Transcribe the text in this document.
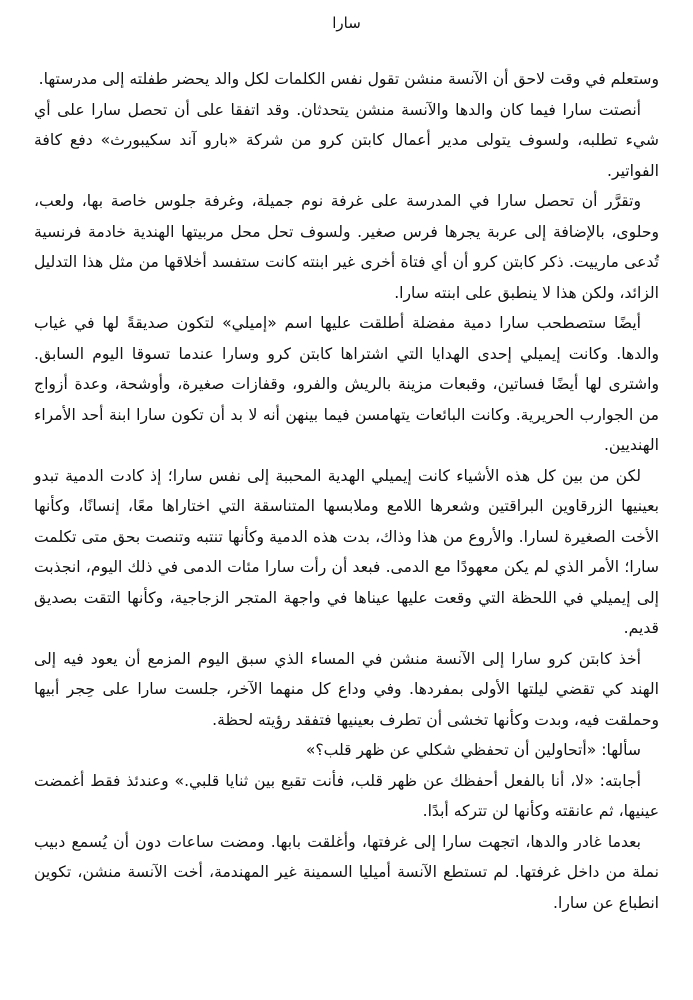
سارا

وستعلم في وقت لاحق أن الآنسة منشن تقول نفس الكلمات لكل والد يحضر طفلته إلى مدرستها.

أنصتت سارا فيما كان والدها والآنسة منشن يتحدثان. وقد اتفقا على أن تحصل سارا على أي شيء تطلبه، ولسوف يتولى مدير أعمال كابتن كرو من شركة «بارو آند سكيبورث» دفع كافة الفواتير.

وتقرَّر أن تحصل سارا في المدرسة على غرفة نوم جميلة، وغرفة جلوس خاصة بها، ولعب، وحلوى، بالإضافة إلى عربة يجرها فرس صغير. ولسوف تحل محل مربيتها الهندية خادمة فرنسية تُدعى مارييت. ذكر كابتن كرو أن أي فتاة أخرى غير ابنته كانت ستفسد أخلاقها من مثل هذا التدليل الزائد، ولكن هذا لا ينطبق على ابنته سارا.

أيضًا ستصطحب سارا دمية مفضلة أطلقت عليها اسم «إميلي» لتكون صديقةً لها في غياب والدها. وكانت إيميلي إحدى الهدايا التي اشتراها كابتن كرو وسارا عندما تسوقا اليوم السابق. واشترى لها أيضًا فساتين، وقبعات مزينة بالريش والفرو، وقفازات صغيرة، وأوشحة، وعدة أزواج من الجوارب الحريرية. وكانت البائعات يتهامسن فيما بينهن أنه لا بد أن تكون سارا ابنة أحد الأمراء الهنديين.

لكن من بين كل هذه الأشياء كانت إيميلي الهدية المحببة إلى نفس سارا؛ إذ كادت الدمية تبدو بعينيها الزرقاوين البراقتين وشعرها اللامع وملابسها المتناسقة التي اختاراها معًا، إنسانًا، وكأنها الأخت الصغيرة لسارا. والأروع من هذا وذاك، بدت هذه الدمية وكأنها تنتبه وتنصت بحق متى تكلمت سارا؛ الأمر الذي لم يكن معهودًا مع الدمى. فبعد أن رأت سارا مئات الدمى في ذلك اليوم، انجذبت إلى إيميلي في اللحظة التي وقعت عليها عيناها في واجهة المتجر الزجاجية، وكأنها التقت بصديق قديم.

أخذ كابتن كرو سارا إلى الآنسة منشن في المساء الذي سبق اليوم المزمع أن يعود فيه إلى الهند كي تقضي ليلتها الأولى بمفردها. وفي وداع كل منهما الآخر، جلست سارا على حِجر أبيها وحملقت فيه، وبدت وكأنها تخشى أن تطرف بعينيها فتفقد رؤيته لحظة.

سألها: «أتحاولين أن تحفظي شكلي عن ظهر قلب؟»

أجابته: «لا، أنا بالفعل أحفظك عن ظهر قلب، فأنت تقبع بين ثنايا قلبي.» وعندئذ فقط أغمضت عينيها، ثم عانقته وكأنها لن تتركه أبدًا.

بعدما غادر والدها، اتجهت سارا إلى غرفتها، وأغلقت بابها. ومضت ساعات دون أن يُسمع دبيب نملة من داخل غرفتها. لم تستطع الآنسة أميليا السمينة غير المهندمة، أخت الآنسة منشن، تكوين انطباع عن سارا.
